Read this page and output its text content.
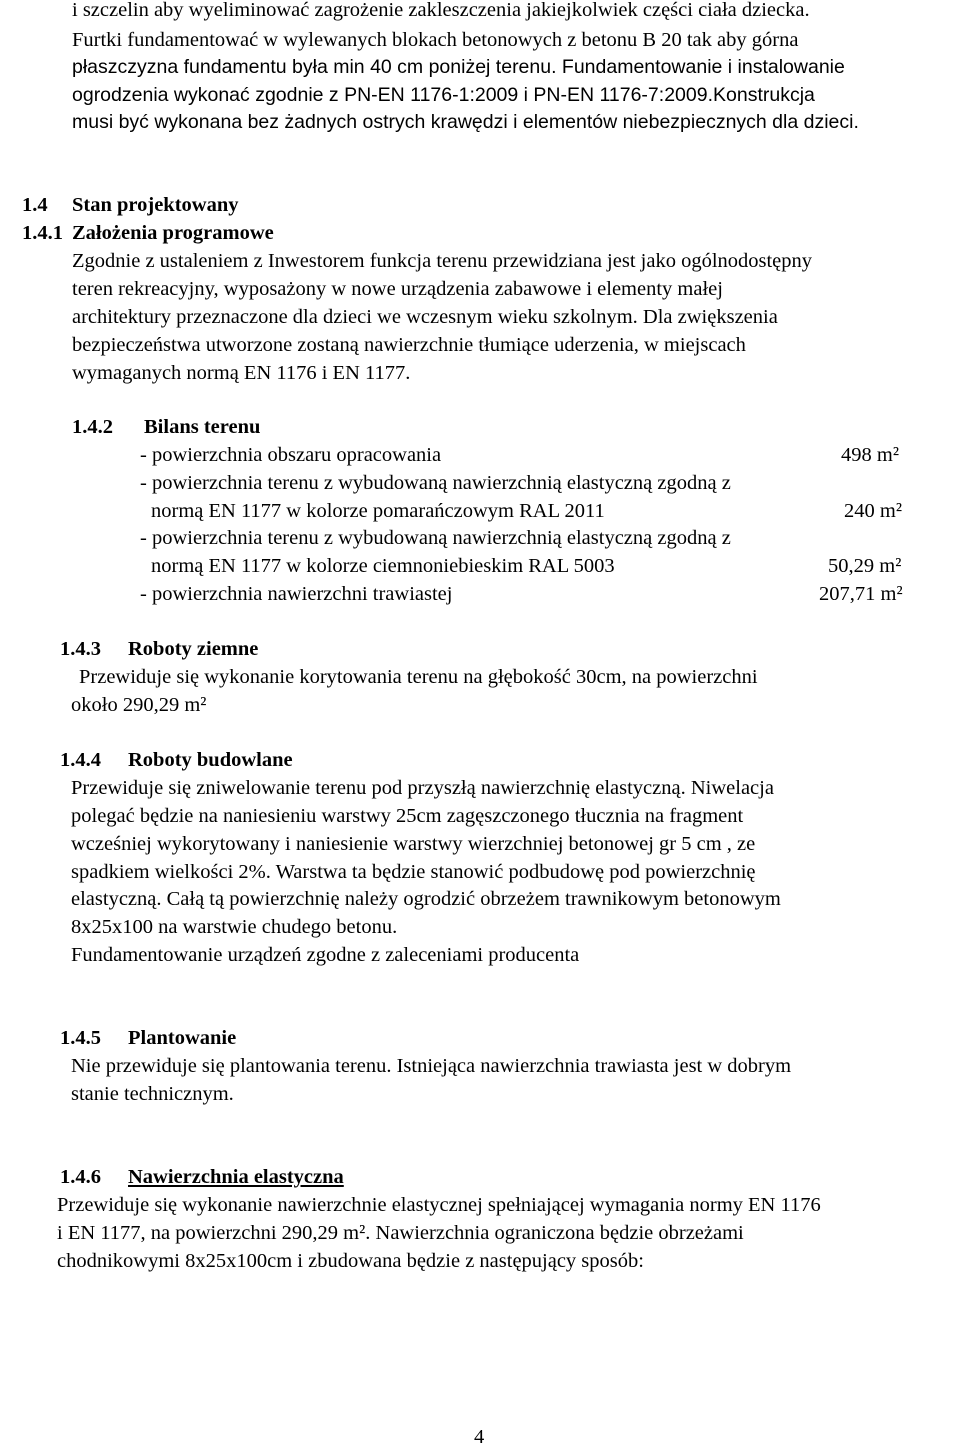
i szczelin aby wyeliminować zagrożenie zakleszczenia jakiejkolwiek części ciała dziecka.
Furtki fundamentować w wylewanych blokach betonowych z betonu B 20 tak aby górna
płaszczyzna fundamentu była min 40 cm poniżej terenu. Fundamentowanie i instalowanie
ogrodzenia wykonać zgodnie z PN-EN 1176-1:2009 i PN-EN 1176-7:2009.Konstrukcja
musi być wykonana bez żadnych ostrych krawędzi i elementów niebezpiecznych dla dzieci.
1.4 Stan projektowany
1.4.1 Założenia programowe
Zgodnie z ustaleniem z Inwestorem funkcja terenu przewidziana jest jako ogólnodostępny
teren rekreacyjny, wyposażony w nowe urządzenia zabawowe i elementy małej
architektury przeznaczone dla dzieci we wczesnym wieku szkolnym. Dla zwiększenia
bezpieczeństwa utworzone zostaną nawierzchnie tłumiące uderzenia, w miejscach
wymaganych normą EN 1176 i EN 1177.
1.4.2 Bilans terenu
- powierzchnia obszaru opracowania	498 m²
- powierzchnia terenu z wybudowaną nawierzchnią elastyczną zgodną z
normą EN 1177 w kolorze pomarańczowym RAL 2011	240 m²
- powierzchnia terenu z wybudowaną nawierzchnią elastyczną zgodną z
normą EN 1177 w kolorze ciemnoniebieskim RAL 5003	50,29 m²
- powierzchnia nawierzchni trawiastej	207,71 m²
1.4.3 Roboty ziemne
Przewiduje się wykonanie korytowania terenu na głębokość 30cm, na powierzchni
około 290,29 m²
1.4.4 Roboty budowlane
Przewiduje się zniwelowanie terenu pod przyszłą nawierzchnię elastyczną. Niwelacja
polegać będzie na naniesieniu warstwy 25cm zagęszczonego tłucznia na fragment
wcześniej wykorytowany i naniesienie warstwy wierzchniej betonowej gr 5 cm , ze
spadkiem wielkości 2%. Warstwa ta będzie stanowić podbudowę pod powierzchnię
elastyczną. Całą tą powierzchnię należy ogrodzić obrzeżem trawnikowym betonowym
8x25x100 na warstwie chudego betonu.
Fundamentowanie urządzeń zgodne z zaleceniami producenta
1.4.5 Plantowanie
Nie przewiduje się plantowania terenu. Istniejąca nawierzchnia trawiasta jest w dobrym
stanie technicznym.
1.4.6 Nawierzchnia elastyczna
Przewiduje się wykonanie nawierzchnie elastycznej spełniającej wymagania normy EN 1176
i EN 1177, na powierzchni 290,29 m². Nawierzchnia ograniczona będzie obrzeżami
chodnikowymi 8x25x100cm i zbudowana będzie z następujący sposób:
4
